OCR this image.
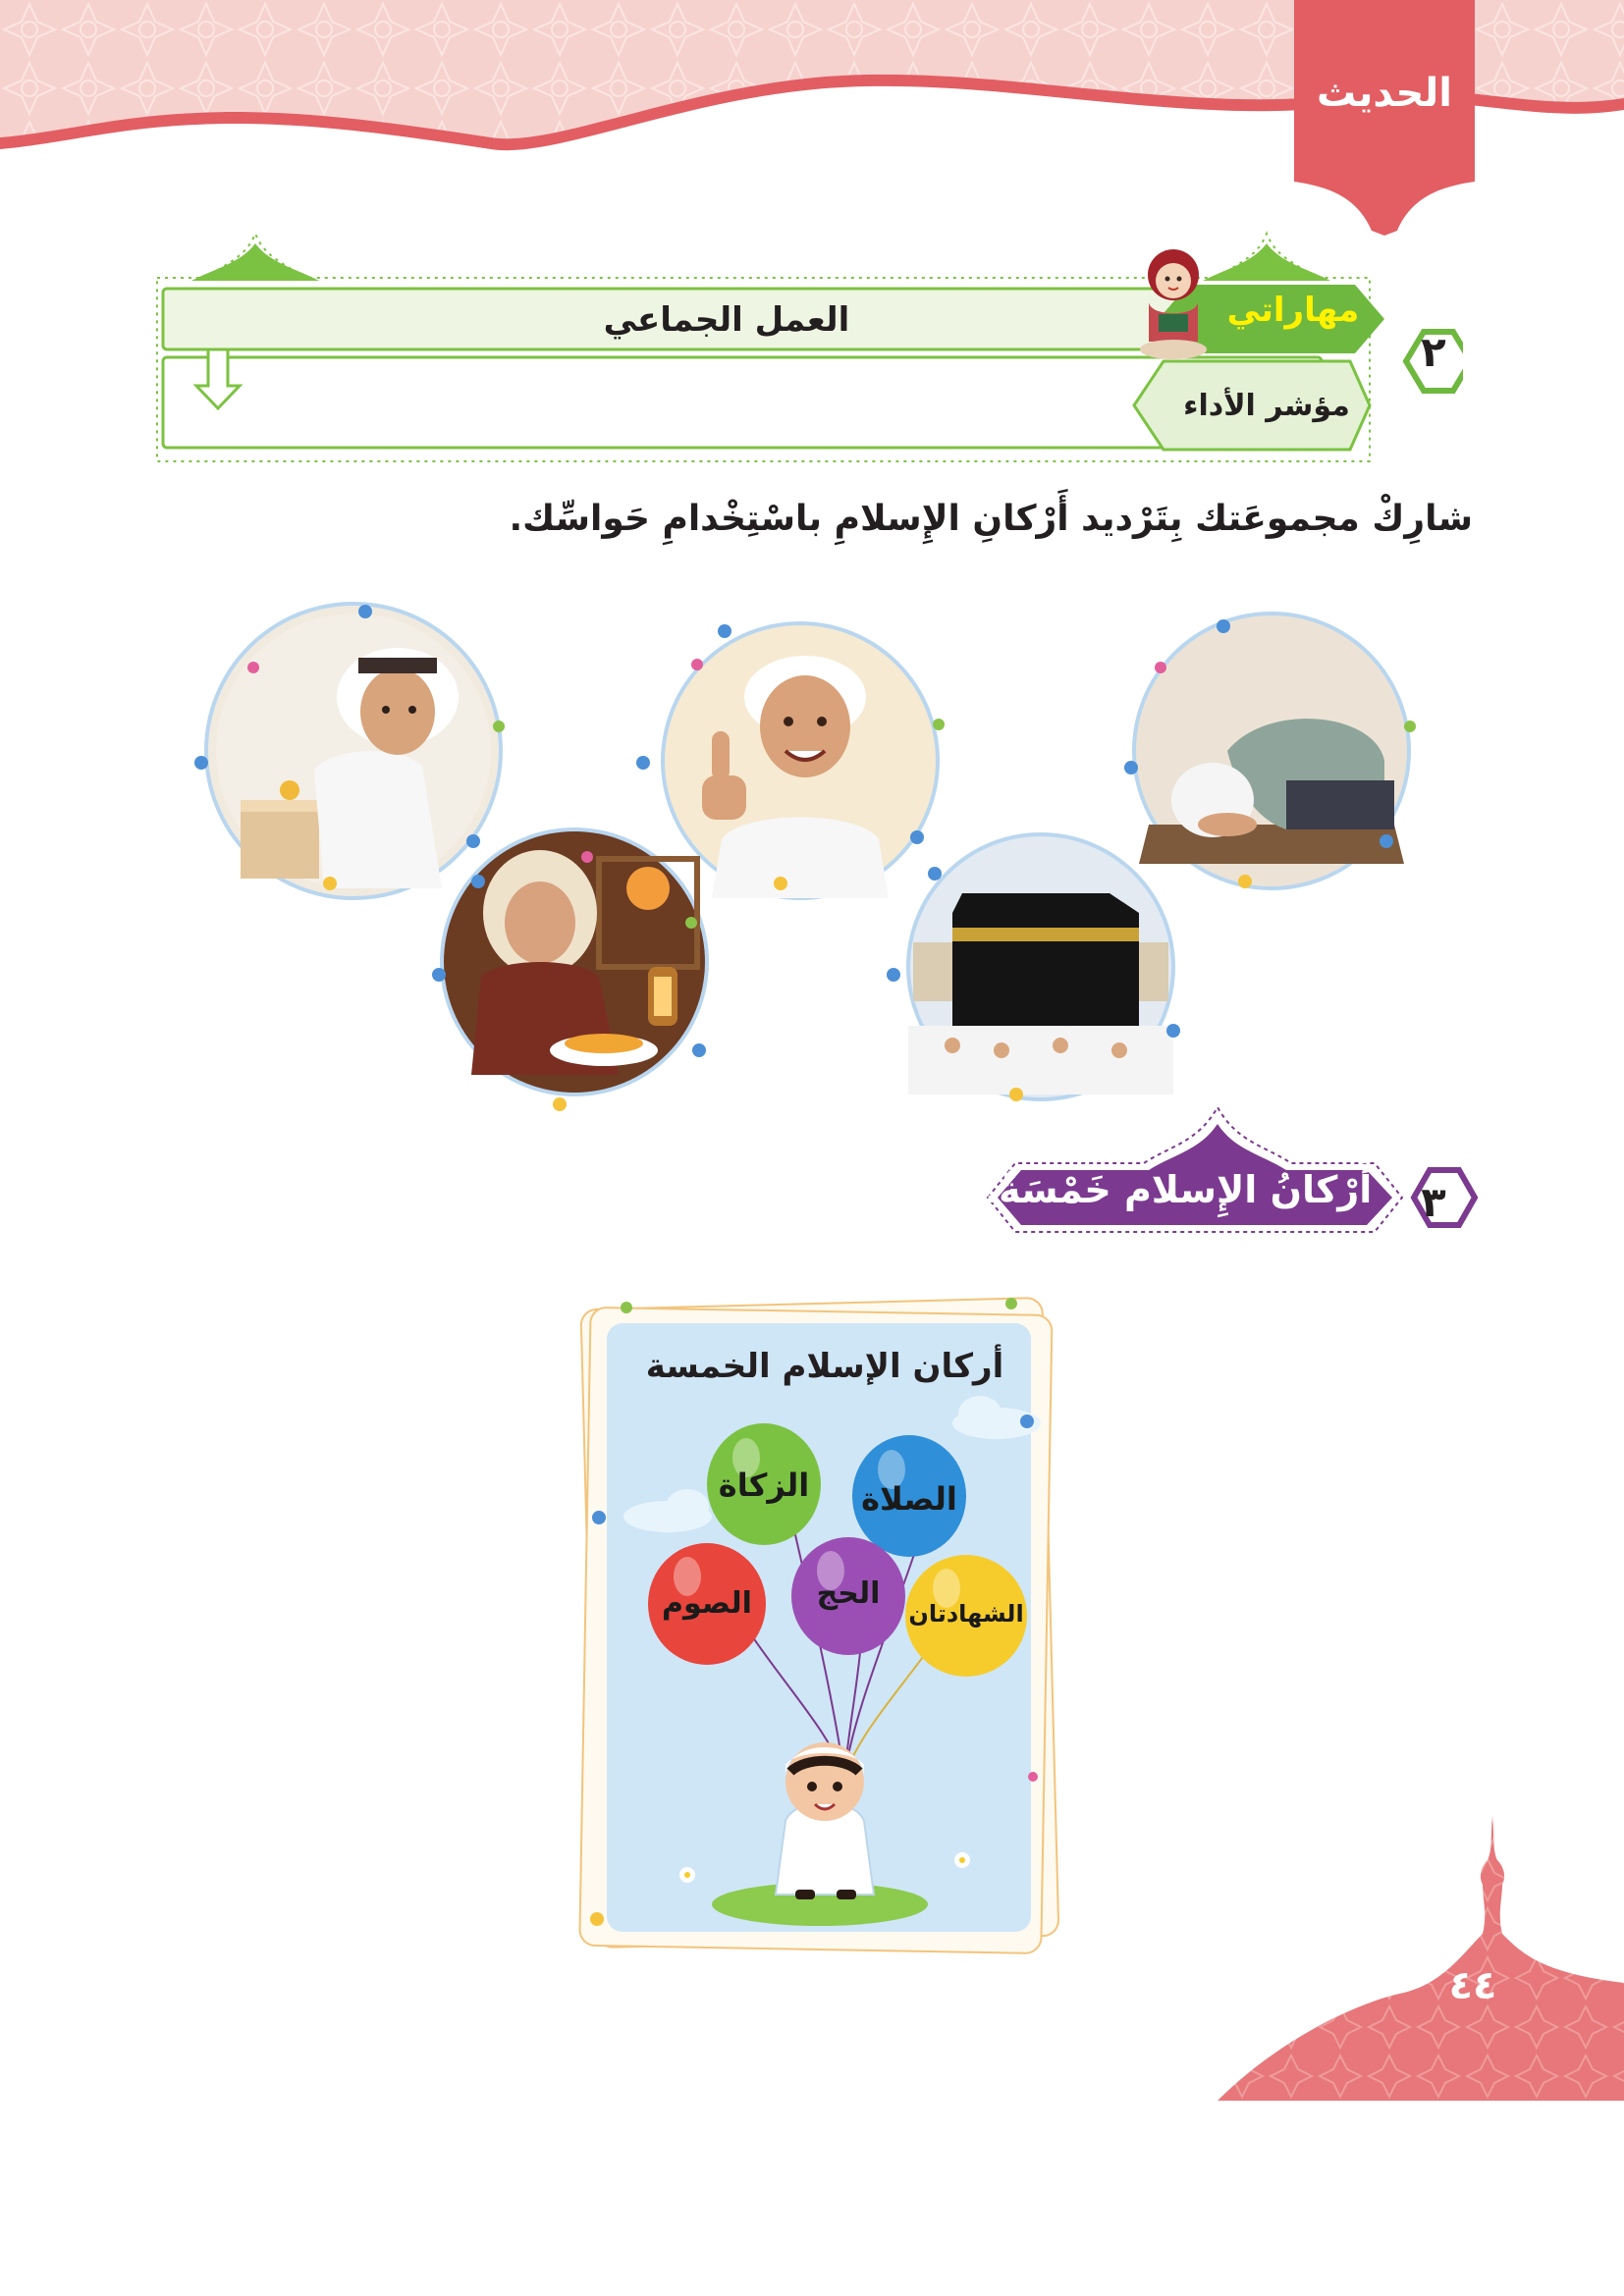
الحديث
العمل الجماعي	مهاراتي
مؤشر الأداء
٢
شارِكْ مجموعَتك بِتَرْديد أَرْكانِ الإِسلامِ باسْتِخْدامِ حَواسِّك.
أَرْكانُ الإِسلام خَمْسَةٌ.	٣
أركان الإسلام الخمسة
الزكاة	الصلاة
الصوم	الحج
الشهادتان
٤٤
